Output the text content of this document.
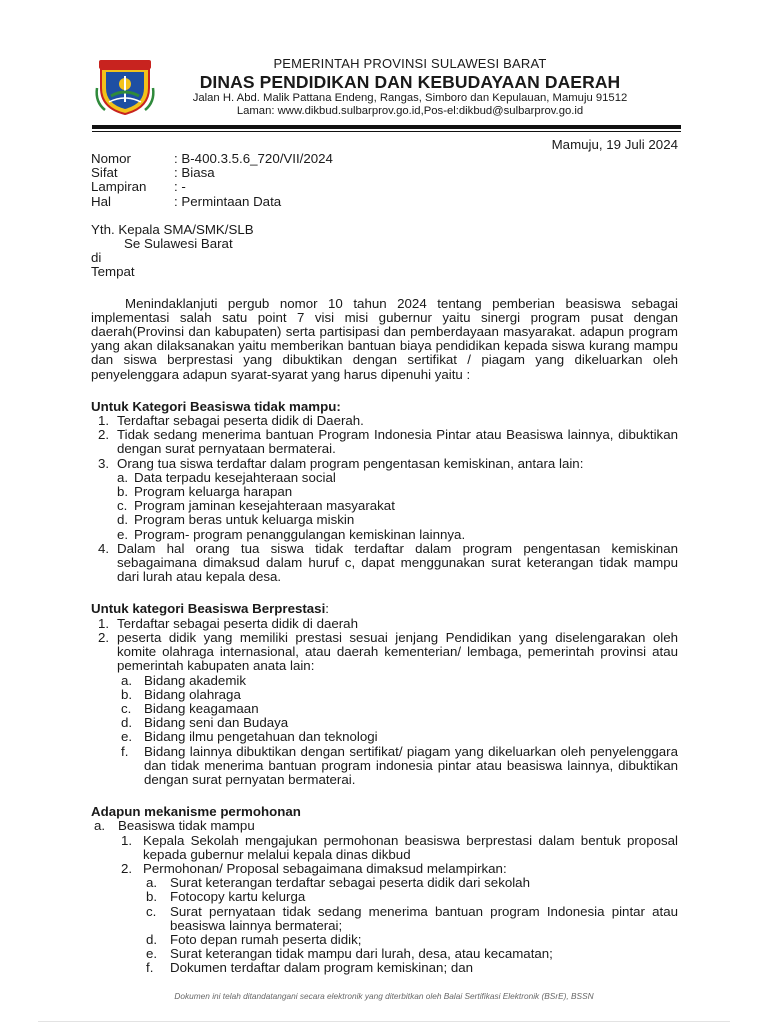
PEMERINTAH PROVINSI SULAWESI BARAT
DINAS PENDIDIKAN DAN KEBUDAYAAN DAERAH
Jalan H. Abd. Malik Pattana Endeng, Rangas, Simboro dan Kepulauan, Mamuju 91512
Laman: www.dikbud.sulbarprov.go.id,Pos-el:dikbud@sulbarprov.go.id
Mamuju, 19 Juli 2024
Nomor	: B-400.3.5.6_720/VII/2024
Sifat	: Biasa
Lampiran	: -
Hal	: Permintaan Data
Yth. Kepala SMA/SMK/SLB
Se Sulawesi Barat
di
Tempat
Menindaklanjuti pergub nomor 10 tahun 2024 tentang pemberian beasiswa sebagai implementasi salah satu point 7 visi misi gubernur yaitu sinergi program pusat dengan daerah(Provinsi dan kabupaten) serta partisipasi dan pemberdayaan masyarakat. adapun program yang akan dilaksanakan yaitu memberikan bantuan biaya pendidikan kepada siswa kurang mampu dan siswa berprestasi yang dibuktikan dengan sertifikat / piagam yang dikeluarkan oleh penyelenggara adapun syarat-syarat yang harus dipenuhi yaitu :
Untuk Kategori Beasiswa tidak mampu:
1. Terdaftar sebagai peserta didik di Daerah.
2. Tidak sedang menerima bantuan Program Indonesia Pintar atau Beasiswa lainnya, dibuktikan dengan surat pernyataan bermaterai.
3. Orang tua siswa terdaftar dalam program pengentasan kemiskinan, antara lain:
a. Data terpadu kesejahteraan social
b. Program keluarga harapan
c. Program jaminan kesejahteraan masyarakat
d. Program beras untuk keluarga miskin
e. Program- program penanggulangan kemiskinan lainnya.
4. Dalam hal orang tua siswa tidak terdaftar dalam program pengentasan kemiskinan sebagaimana dimaksud dalam huruf c, dapat menggunakan surat keterangan tidak mampu dari lurah atau kepala desa.
Untuk kategori Beasiswa Berprestasi:
1. Terdaftar sebagai peserta didik di daerah
2. peserta didik yang memiliki prestasi sesuai jenjang Pendidikan yang diselengarakan oleh komite olahraga internasional, atau daerah kementerian/ lembaga, pemerintah provinsi atau pemerintah kabupaten anata lain:
a. Bidang akademik
b. Bidang olahraga
c. Bidang keagamaan
d. Bidang seni dan Budaya
e. Bidang ilmu pengetahuan dan teknologi
f. Bidang lainnya dibuktikan dengan sertifikat/ piagam yang dikeluarkan oleh penyelenggara dan tidak menerima bantuan program indonesia pintar atau beasiswa lainnya, dibuktikan dengan surat pernyatan bermaterai.
Adapun mekanisme permohonan
a. Beasiswa tidak mampu
1. Kepala Sekolah mengajukan permohonan beasiswa berprestasi dalam bentuk proposal kepada gubernur melalui kepala dinas dikbud
2. Permohonan/ Proposal sebagaimana dimaksud melampirkan:
a. Surat keterangan terdaftar sebagai peserta didik dari sekolah
b. Fotocopy kartu kelurga
c. Surat pernyataan tidak sedang menerima bantuan program Indonesia pintar atau beasiswa lainnya bermaterai;
d. Foto depan rumah peserta didik;
e. Surat keterangan tidak mampu dari lurah, desa, atau kecamatan;
f. Dokumen terdaftar dalam program kemiskinan; dan
Dokumen ini telah ditandatangani secara elektronik yang diterbitkan oleh Balai Sertifikasi Elektronik (BSrE), BSSN
